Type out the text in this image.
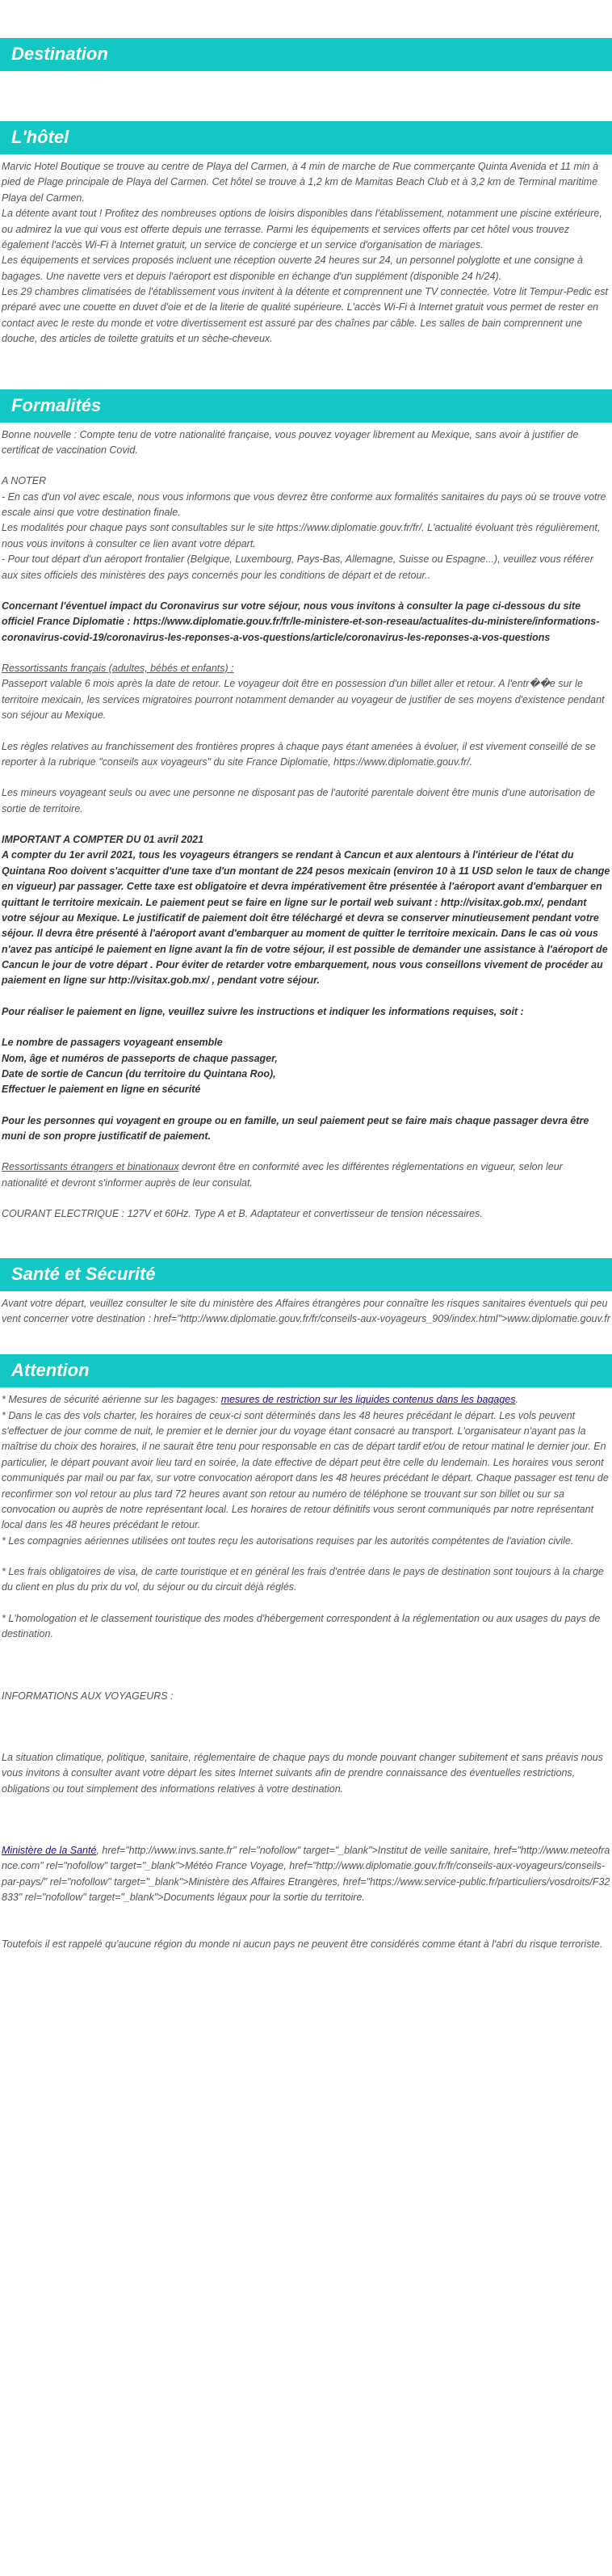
Destination
L'hôtel

Marvic Hotel Boutique se trouve au centre de Playa del Carmen, à 4 min de marche de Rue commerçante Quinta Avenida et 11 min à pied de Plage principale de Playa del Carmen. Cet hôtel se trouve à 1,2 km de Mamitas Beach Club et à 3,2 km de Terminal maritime Playa del Carmen.

La détente avant tout ! Profitez des nombreuses options de loisirs disponibles dans l'établissement, notamment une piscine extérieure, ou admirez la vue qui vous est offerte depuis une terrasse. Parmi les équipements et services offerts par cet hôtel vous trouvez également l'accès Wi-Fi à Internet gratuit, un service de concierge et un service d'organisation de mariages.

Les équipements et services proposés incluent une réception ouverte 24 heures sur 24, un personnel polyglotte et une consigne à bagages. Une navette vers et depuis l'aéroport est disponible en échange d'un supplément (disponible 24 h/24).

Les 29 chambres climatisées de l'établissement vous invitent à la détente et comprennent une TV connectée. Votre lit Tempur-Pedic est préparé avec une couette en duvet d'oie et de la literie de qualité supérieure. L'accès Wi-Fi à Internet gratuit vous permet de rester en contact avec le reste du monde et votre divertissement est assuré par des chaînes par câble. Les salles de bain comprennent une douche, des articles de toilette gratuits et un sèche-cheveux.

Formalités

Bonne nouvelle : Compte tenu de votre nationalité française, vous pouvez voyager librement au Mexique, sans avoir à justifier de certificat de vaccination Covid.

A NOTER

- En cas d'un vol avec escale, nous vous informons que vous devrez être conforme aux formalités sanitaires du pays où se trouve votre escale ainsi que votre destination finale.

Les modalités pour chaque pays sont consultables sur le site https://www.diplomatie.gouv.fr/fr/. L'actualité évoluant très régulièrement, nous vous invitons à consulter ce lien avant votre départ.

- Pour tout départ d'un aéroport frontalier (Belgique, Luxembourg, Pays-Bas, Allemagne, Suisse ou Espagne...), veuillez vous référer aux sites officiels des ministères des pays concernés pour les conditions de départ et de retour..

Concernant l'éventuel impact du Coronavirus sur votre séjour, nous vous invitons à consulter la page ci-dessous du site officiel France Diplomatie : https://www.diplomatie.gouv.fr/fr/le-ministere-et-son-reseau/actualites-du-ministere/informations-coronavirus-covid-19/coronavirus-les-reponses-a-vos-questions/article/coronavirus-les-reponses-a-vos-questions

Ressortissants français (adultes, bébés et enfants) :

Passeport valable 6 mois après la date de retour. Le voyageur doit être en possession d'un billet aller et retour. A l'entr��e sur le territoire mexicain, les services migratoires pourront notamment demander au voyageur de justifier de ses moyens d'existence pendant son séjour au Mexique.

Les règles relatives au franchissement des frontières propres à chaque pays étant amenées à évoluer, il est vivement conseillé de se reporter à la rubrique "conseils aux voyageurs" du site France Diplomatie, https://www.diplomatie.gouv.fr/.

Les mineurs voyageant seuls ou avec une personne ne disposant pas de l'autorité parentale doivent être munis d'une autorisation de sortie de territoire.

IMPORTANT A COMPTER DU 01 avril 2021

A compter du 1er avril 2021, tous les voyageurs étrangers se rendant à Cancun et aux alentours à l'intérieur de l'état du Quintana Roo doivent s'acquitter d'une taxe d'un montant de 224 pesos mexicain (environ 10 à 11 USD selon le taux de change en vigueur) par passager. Cette taxe est obligatoire et devra impérativement être présentée à l'aéroport avant d'embarquer en quittant le territoire mexicain. Le paiement peut se faire en ligne sur le portail web suivant : http://visitax.gob.mx/, pendant votre séjour au Mexique. Le justificatif de paiement doit être téléchargé et devra se conserver minutieusement pendant votre séjour. Il devra être présenté à l'aéroport avant d'embarquer au moment de quitter le territoire mexicain. Dans le cas où vous n'avez pas anticipé le paiement en ligne avant la fin de votre séjour, il est possible de demander une assistance à l'aéroport de Cancun le jour de votre départ . Pour éviter de retarder votre embarquement, nous vous conseillons vivement de procéder au paiement en ligne sur http://visitax.gob.mx/ , pendant votre séjour.

Pour réaliser le paiement en ligne, veuillez suivre les instructions et indiquer les informations requises, soit :

Le nombre de passagers voyageant ensemble

Nom, âge et numéros de passeports de chaque passager,

Date de sortie de Cancun (du territoire du Quintana Roo),

Effectuer le paiement en ligne en sécurité

Pour les personnes qui voyagent en groupe ou en famille, un seul paiement peut se faire mais chaque passager devra être muni de son propre justificatif de paiement.

Ressortissants étrangers et binationaux devront être en conformité avec les différentes réglementations en vigueur, selon leur nationalité et devront s'informer auprès de leur consulat.

COURANT ELECTRIQUE : 127V et 60Hz. Type A et B. Adaptateur et convertisseur de tension nécessaires.

Santé et Sécurité

Avant votre départ, veuillez consulter le site du ministère des Affaires étrangères pour connaître les risques sanitaires éventuels qui peuvent concerner votre destination : href="http://www.diplomatie.gouv.fr/fr/conseils-aux-voyageurs_909/index.html">www.diplomatie.gouv.fr

Attention

* Mesures de sécurité aérienne sur les bagages: mesures de restriction sur les liquides contenus dans les bagages.

* Dans le cas des vols charter, les horaires de ceux-ci sont déterminés dans les 48 heures précédant le départ. Les vols peuvent s'effectuer de jour comme de nuit, le premier et le dernier jour du voyage étant consacré au transport. L'organisateur n'ayant pas la maîtrise du choix des horaires, il ne saurait être tenu pour responsable en cas de départ tardif et/ou de retour matinal le dernier jour. En particulier, le départ pouvant avoir lieu tard en soirée, la date effective de départ peut être celle du lendemain. Les horaires vous seront communiqués par mail ou par fax, sur votre convocation aéroport dans les 48 heures précédant le départ. Chaque passager est tenu de reconfirmer son vol retour au plus tard 72 heures avant son retour au numéro de téléphone se trouvant sur son billet ou sur sa convocation ou auprès de notre représentant local. Les horaires de retour définitifs vous seront communiqués par notre représentant local dans les 48 heures précédant le retour.

* Les compagnies aériennes utilisées ont toutes reçu les autorisations requises par les autorités compétentes de l'aviation civile.

* Les frais obligatoires de visa, de carte touristique et en général les frais d'entrée dans le pays de destination sont toujours à la charge du client en plus du prix du vol, du séjour ou du circuit déjà réglés.

* L'homologation et le classement touristique des modes d'hébergement correspondent à la réglementation ou aux usages du pays de destination.

INFORMATIONS AUX VOYAGEURS :

La situation climatique, politique, sanitaire, réglementaire de chaque pays du monde pouvant changer subitement et sans préavis nous vous invitons à consulter avant votre départ les sites Internet suivants afin de prendre connaissance des éventuelles restrictions, obligations ou tout simplement des informations relatives à votre destination.

Ministère de la Santé, href="http://www.invs.sante.fr" rel="nofollow" target="_blank">Institut de veille sanitaire, href="http://www.meteofrance.com" rel="nofollow" target="_blank">Météo France Voyage, href="http://www.diplomatie.gouv.fr/fr/conseils-aux-voyageurs/conseils-par-pays/" rel="nofollow" target="_blank">Ministère des Affaires Etrangères, href="https://www.service-public.fr/particuliers/vosdroits/F32833" rel="nofollow" target="_blank">Documents légaux pour la sortie du territoire.

Toutefois il est rappelé qu'aucune région du monde ni aucun pays ne peuvent être considérés comme étant à l'abri du risque terroriste.
